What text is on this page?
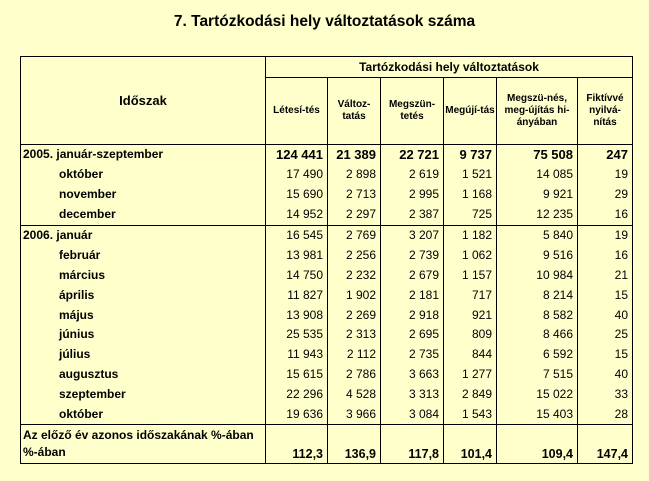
7. Tartózkodási hely változtatások száma
Időszak	Tartózkodási hely változtatások					
	Létesí-tés	Változ-tatás	Megszün-tetés	Megújí-tás	Megszü-nés, meg-újítás hi-ányában	Fiktívvé nyilvá-nítás
2005. január-szeptember	124 441	21 389	22 721	9 737	75 508	247
október	17 490	2 898	2 619	1 521	14 085	19
november	15 690	2 713	2 995	1 168	9 921	29
december	14 952	2 297	2 387	725	12 235	16
2006. január	16 545	2 769	3 207	1 182	5 840	19
február	13 981	2 256	2 739	1 062	9 516	16
március	14 750	2 232	2 679	1 157	10 984	21
április	11 827	1 902	2 181	717	8 214	15
május	13 908	2 269	2 918	921	8 582	40
június	25 535	2 313	2 695	809	8 466	25
július	11 943	2 112	2 735	844	6 592	15
augusztus	15 615	2 786	3 663	1 277	7 515	40
szeptember	22 296	4 528	3 313	2 849	15 022	33
október	19 636	3 966	3 084	1 543	15 403	28
Az előző év azonos időszakának %-ában %-ában	112,3	136,9	117,8	101,4	109,4	147,4
